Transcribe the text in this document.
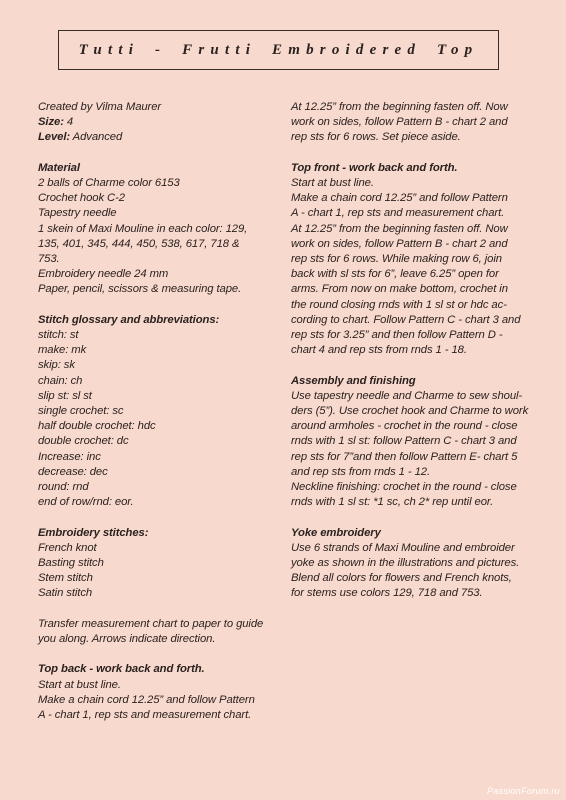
Tutti - Frutti Embroidered Top
Created by Vilma Maurer
Size: 4
Level: Advanced
Material
2 balls of Charme color 6153
Crochet hook C-2
Tapestry needle
1 skein of Maxi Mouline in each color: 129,
135, 401, 345, 444, 450, 538, 617, 718 &
753.
Embroidery needle 24 mm
Paper, pencil, scissors & measuring tape.
Stitch glossary and abbreviations:
stitch: st
make: mk
skip: sk
chain: ch
slip st: sl st
single crochet: sc
half double crochet: hdc
double crochet: dc
Increase: inc
decrease: dec
round: rnd
end of row/rnd: eor.
Embroidery stitches:
French knot
Basting stitch
Stem stitch
Satin stitch
Transfer measurement chart to paper to guide
you along. Arrows indicate direction.
Top back - work back and forth.
Start at bust line.
Make a chain cord 12.25” and follow Pattern
A - chart 1, rep sts and measurement chart.
At 12.25” from the beginning fasten off. Now
work on sides, follow Pattern B - chart 2 and
rep sts for 6 rows. Set piece aside.
Top front - work back and forth.
Start at bust line.
Make a chain cord 12.25” and follow Pattern
A - chart 1, rep sts and measurement chart.
At 12.25” from the beginning fasten off. Now
work on sides, follow Pattern B - chart 2 and
rep sts for 6 rows. While making row 6, join
back with sl sts for 6”, leave 6.25” open for
arms. From now on make bottom, crochet in
the round closing rnds with 1 sl st or hdc ac-
cording to chart. Follow Pattern C - chart 3 and
rep sts for 3.25” and then follow Pattern D -
chart 4 and rep sts from rnds 1 - 18.
Assembly and finishing
Use tapestry needle and Charme to sew shoul-
ders (5”). Use crochet hook and Charme to work
around armholes - crochet in the round - close
rnds with 1 sl st: follow Pattern C - chart 3 and
rep sts for 7”and then follow Pattern E- chart 5
and rep sts from rnds 1 - 12.
Neckline finishing: crochet in the round - close
rnds with 1 sl st: *1 sc, ch 2* rep until eor.
Yoke embroidery
Use 6 strands of Maxi Mouline and embroider
yoke as shown in the illustrations and pictures.
Blend all colors for flowers and French knots,
for stems use colors 129, 718 and 753.
PassionForum.ru
